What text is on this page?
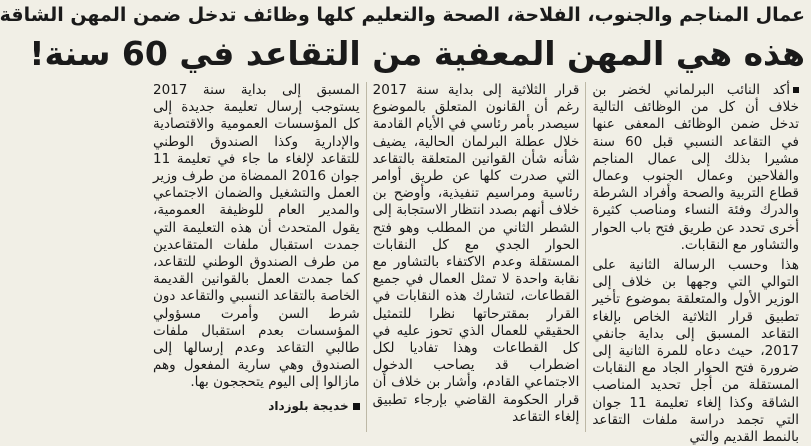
عمال المناجم والجنوب، الفلاحة، الصحة والتعليم كلها وظائف تدخل ضمن المهن الشاقة
هذه هي المهن المعفية من التقاعد في 60 سنة!

أكد النائب البرلماني لخضر بن خلاف أن كل من الوظائف التالية تدخل ضمن الوظائف المعفى عنها في التقاعد النسبي قبل 60 سنة مشيرا بذلك إلى عمال المناجم والفلاحين وعمال الجنوب وعمال قطاع التربية والصحة وأفراد الشرطة والدرك وفئة النساء ومناصب كثيرة أخرى تحدد عن طريق فتح باب الحوار والتشاور مع النقابات.

هذا وحسب الرسالة الثانية على التوالي التي وجهها بن خلاف إلى الوزير الأول والمتعلقة بموضوع تأخير تطبيق قرار الثلاثية الخاص بإلغاء التقاعد المسبق إلى بداية جانفي 2017، حيث دعاه للمرة الثانية إلى ضرورة فتح الحوار الجاد مع النقابات المستقلة من أجل تحديد المناصب الشاقة وكذا إلغاء تعليمة 11 جوان التي تجمد دراسة ملفات التقاعد بالنمط القديم والتي

قرار الثلاثية إلى بداية سنة 2017 رغم أن القانون المتعلق بالموضوع سيصدر بأمر رئاسي في الأيام القادمة خلال عطلة البرلمان الحالية، يضيف شأنه شأن القوانين المتعلقة بالتقاعد التي صدرت كلها عن طريق أوامر رئاسية ومراسيم تنفيذية، وأوضح بن خلاف أنهم بصدد انتظار الاستجابة إلى الشطر الثاني من المطلب وهو فتح الحوار الجدي مع كل النقابات المستقلة وعدم الاكتفاء بالتشاور مع نقابة واحدة لا تمثل العمال في جميع القطاعات، لتشارك هذه النقابات في القرار بمقترحاتها نظرا للتمثيل الحقيقي للعمال الذي تحوز عليه في كل القطاعات وهذا تفاديا لكل اضطراب قد يصاحب الدخول الاجتماعي القادم، وأشار بن خلاف أن قرار الحكومة القاضي بإرجاء تطبيق إلغاء التقاعد

المسبق إلى بداية سنة 2017 يستوجب إرسال تعليمة جديدة إلى كل المؤسسات العمومية والاقتصادية والإدارية وكذا الصندوق الوطني للتقاعد لإلغاء ما جاء في تعليمة 11 جوان 2016 الممضاة من طرف وزير العمل والتشغيل والضمان الاجتماعي والمدير العام للوظيفة العمومية، يقول المتحدث أن هذه التعليمة التي جمدت استقبال ملفات المتقاعدين من طرف الصندوق الوطني للتقاعد، كما جمدت العمل بالقوانين القديمة الخاصة بالتقاعد النسبي والتقاعد دون شرط السن وأمرت مسؤولي المؤسسات بعدم استقبال ملفات طالبي التقاعد وعدم إرسالها إلى الصندوق وهي سارية المفعول وهم مازالوا إلى اليوم يتحججون بها.

خديجة بلوزداد
